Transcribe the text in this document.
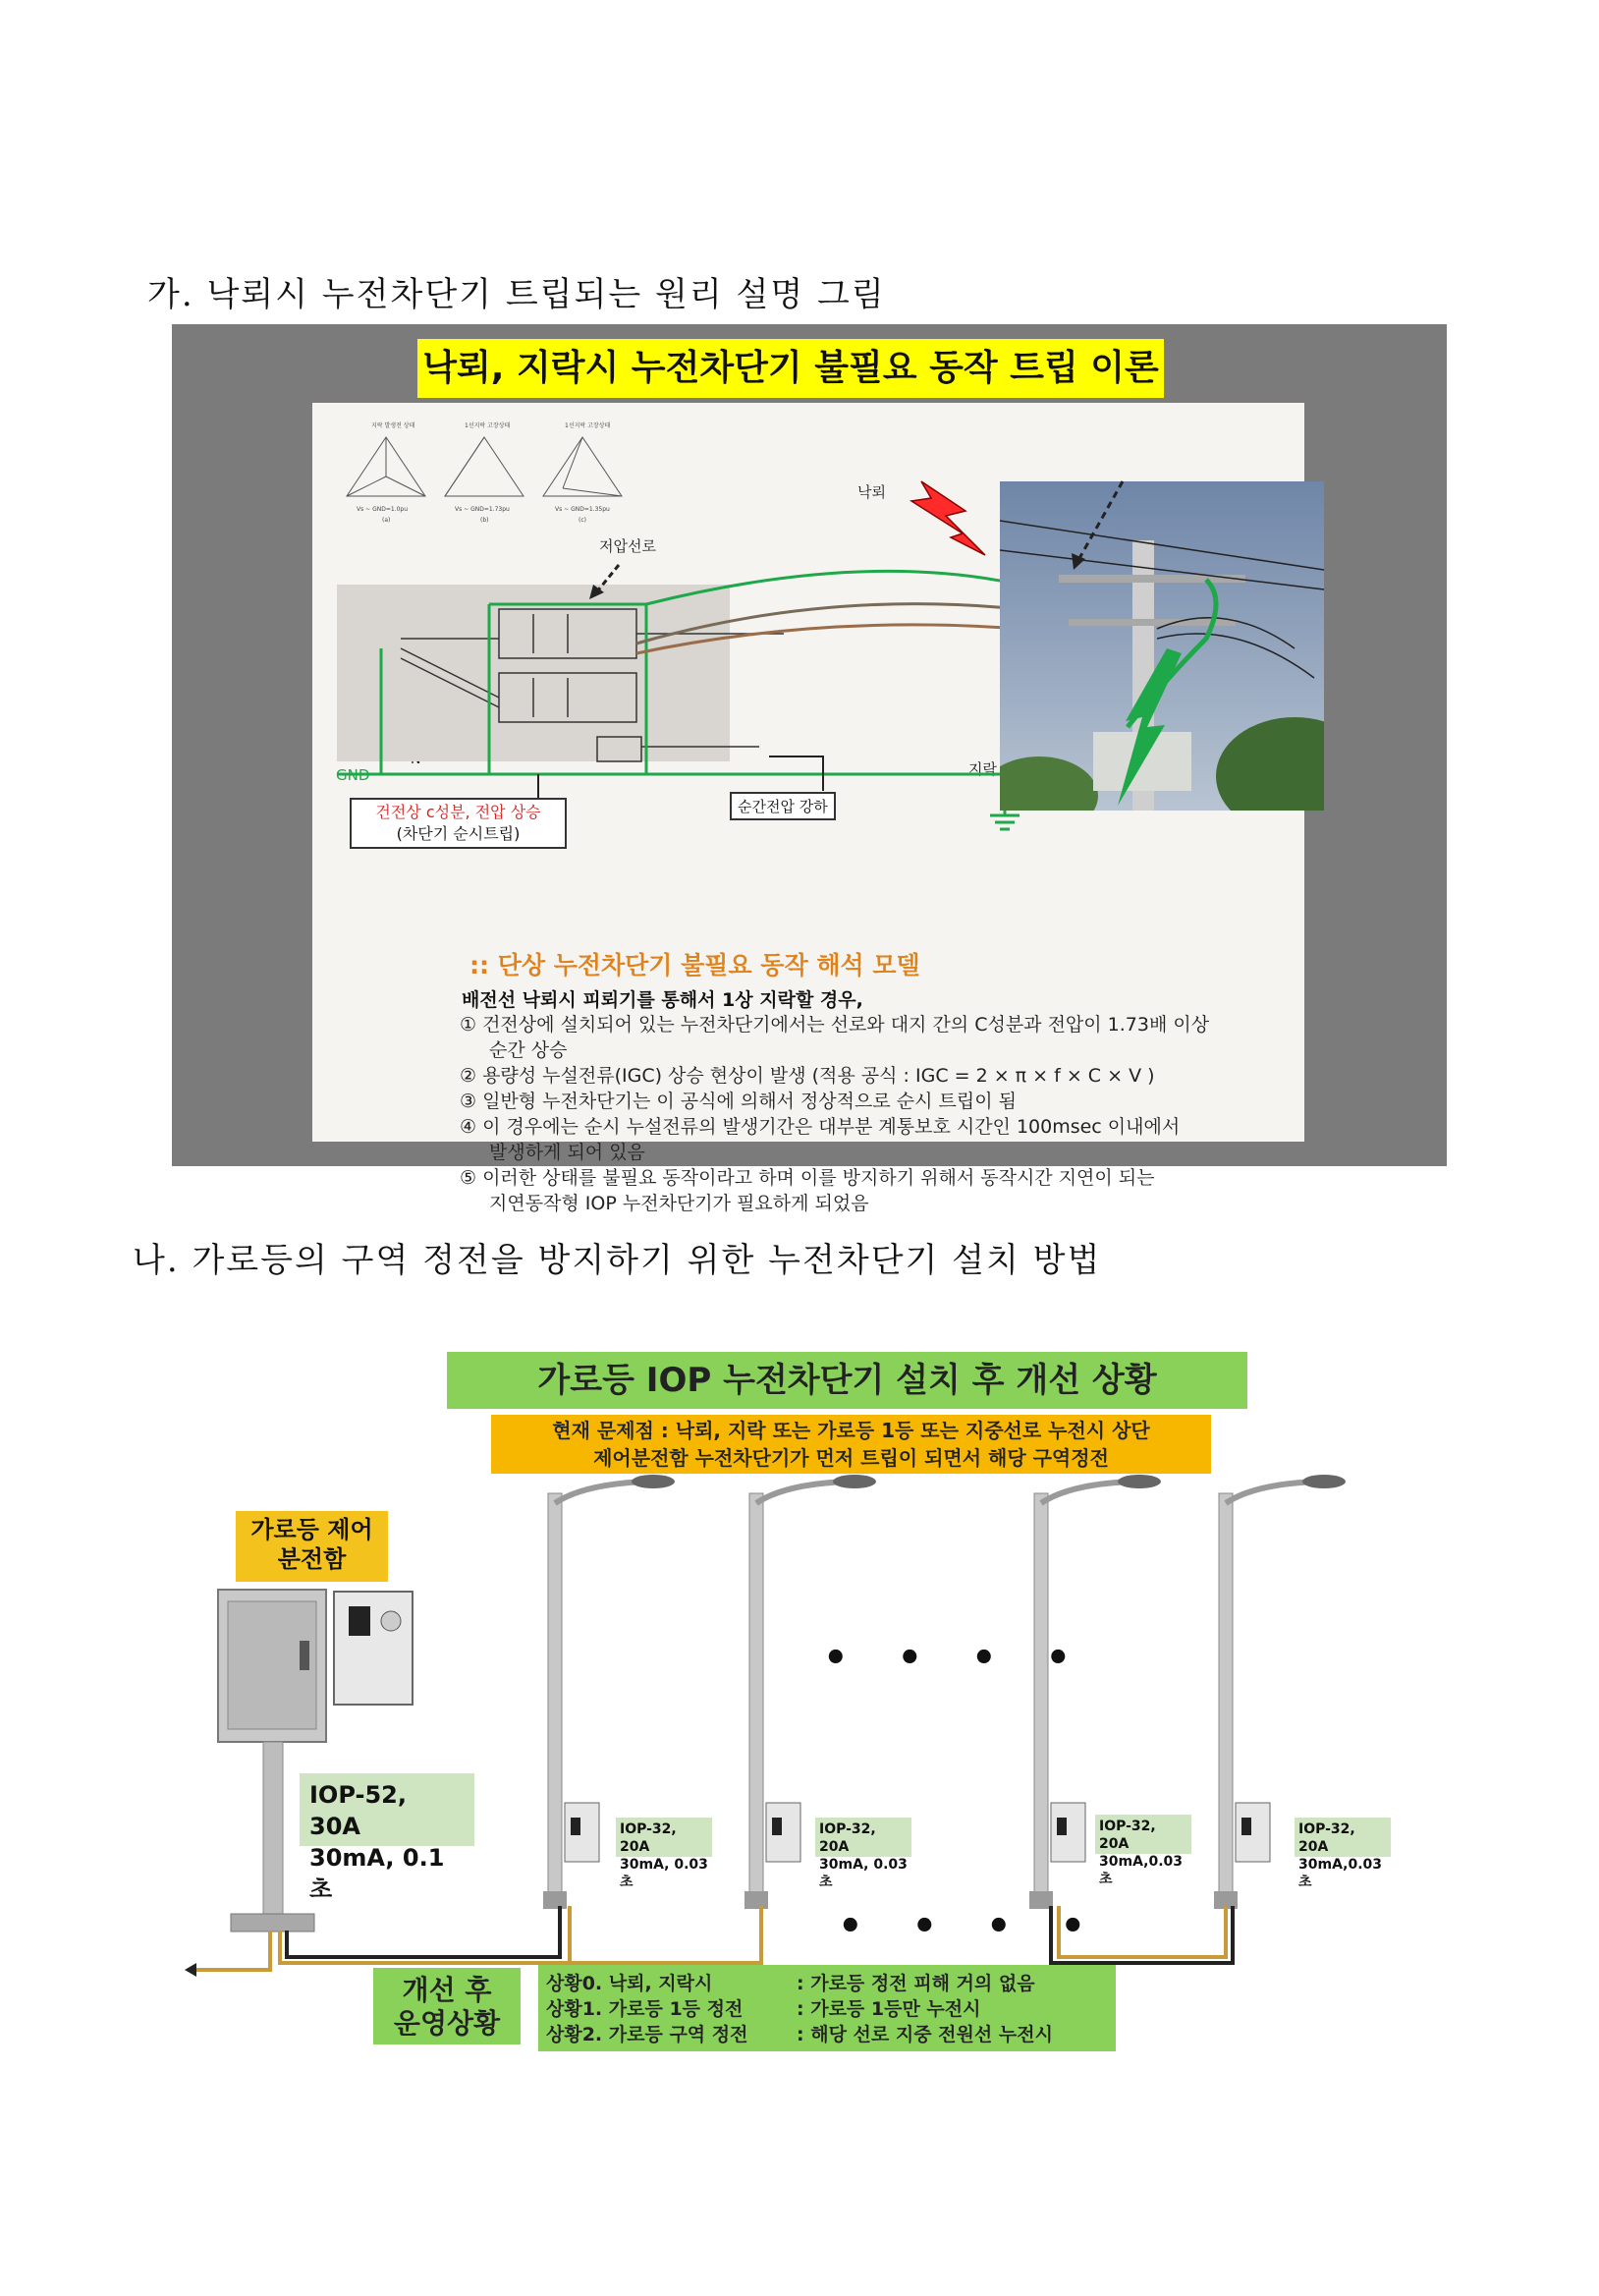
가. 낙뢰시 누전차단기 트립되는 원리 설명 그림
낙뢰, 지락시 누전차단기 불필요 동작 트립 이론
지락 발생전 상태	1선지락 고장상태	1선지락 고장상태
Vs ~ GND=1.0pu	Vs ~ GND=1.73pu	Vs ~ GND=1.35pu
(a)	(b)	(c)
저압선로
GND
낙뢰
지락
건전상 c성분, 전압 상승
(차단기 순시트립)
순간전압 강하
:: 단상 누전차단기 불필요 동작 해석 모델
배전선 낙뢰시 피뢰기를 통해서 1상 지락할 경우,
① 건전상에 설치되어 있는 누전차단기에서는 선로와 대지 간의 C성분과 전압이 1.73배 이상
순간 상승
② 용량성 누설전류(IGC) 상승 현상이 발생 (적용 공식 : IGC = 2 × π × f × C × V )
③ 일반형 누전차단기는 이 공식에 의해서 정상적으로 순시 트립이 됨
④ 이 경우에는 순시 누설전류의 발생기간은 대부분 계통보호 시간인 100msec 이내에서
발생하게 되어 있음
⑤ 이러한 상태를 불필요 동작이라고 하며 이를 방지하기 위해서 동작시간 지연이 되는
지연동작형 IOP 누전차단기가 필요하게 되었음
나. 가로등의 구역 정전을 방지하기 위한 누전차단기 설치 방법
가로등 IOP 누전차단기 설치 후 개선 상황
현재 문제점 : 낙뢰, 지락 또는 가로등 1등 또는 지중선로 누전시 상단
제어분전함 누전차단기가 먼저 트립이 되면서 해당 구역정전
가로등 제어
분전함
IOP-52, 30A
30mA, 0.1초
IOP-32, 20A
30mA, 0.03초
IOP-32, 20A
30mA, 0.03초
IOP-32, 20A
30mA,0.03초
IOP-32, 20A
30mA,0.03초
• • • •
• • • •
개선 후
운영상황
상황0. 낙뢰, 지락시	: 가로등 정전 피해 거의 없음
상황1. 가로등 1등 정전	: 가로등 1등만 누전시
상황2. 가로등 구역 정전	: 해당 선로 지중 전원선 누전시
